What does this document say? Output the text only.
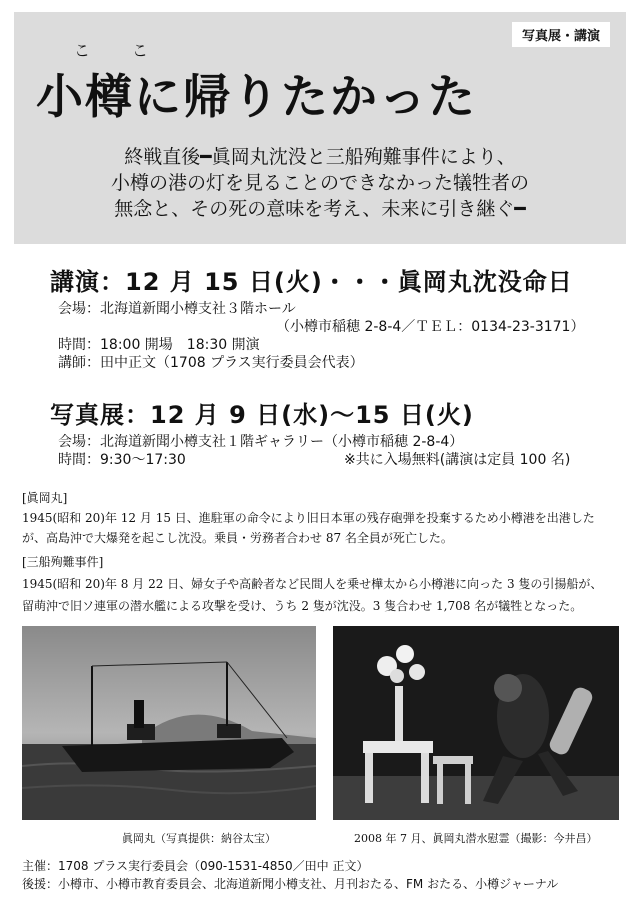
写真展・講演
こ	こ
小樽に帰りたかった
終戦直後━眞岡丸沈没と三船殉難事件により、
小樽の港の灯を見ることのできなかった犠牲者の
無念と、その死の意味を考え、未来に引き継ぐ━
講演：12 月 15 日(火)・・・眞岡丸沈没命日
会場：北海道新聞小樽支社３階ホール
（小樽市稲穂 2-8-4／ＴＥＬ：0134-23-3171）
時間：18:00 開場　18:30 開演
講師：田中正文（1708 プラス実行委員会代表）
写真展：12 月 9 日(水)〜15 日(火)
会場：北海道新聞小樽支社１階ギャラリー（小樽市稲穂 2-8-4）
時間：9:30〜17:30	※共に入場無料(講演は定員 100 名)
[眞岡丸]
1945(昭和 20)年 12 月 15 日、進駐軍の命令により旧日本軍の残存砲弾を投棄するため小樽港を出港した
が、高島沖で大爆発を起こし沈没。乗員・労務者合わせ 87 名全員が死亡した。
[三船殉難事件]
1945(昭和 20)年 8 月 22 日、婦女子や高齢者など民間人を乗せ樺太から小樽港に向った 3 隻の引揚船が、
留萌沖で旧ソ連軍の潜水艦による攻撃を受け、うち 2 隻が沈没。3 隻合わせ 1,708 名が犠牲となった。
眞岡丸（写真提供：納谷太宝）	2008 年 7 月、眞岡丸潜水慰霊（撮影：今井昌）
主催：1708 プラス実行委員会（090-1531-4850／田中 正文）
後援：小樽市、小樽市教育委員会、北海道新聞小樽支社、月刊おたる、FM おたる、小樽ジャーナル
